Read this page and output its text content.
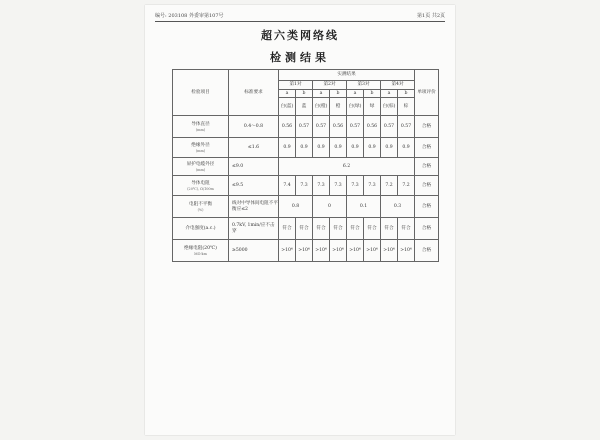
编号: 203108 外委审第107号	第1页 共2页
超六类网络线
检测结果
检验项目	标准要求	实测结果								单项评价
		第1对		第2对		第3对		第4对		
		a	b	a	b	a	b	a	b	
		白(蓝)	蓝	白(橙)	橙	白(绿)	绿	白(棕)	棕	
导体直径
(mm)	0.4～0.8	0.56	0.57	0.57	0.56	0.57	0.56	0.57	0.57	合格
绝缘外径
(mm)	≤1.6	0.9	0.9	0.9	0.9	0.9	0.9	0.9	0.9	合格
屏护电缆外径
(mm)	≤9.0	6.2								合格
导体电阻
(20℃), Ω/100m	≤9.5	7.4	7.3	7.3	7.3	7.3	7.3	7.2	7.2	合格
电阻不平衡
(%)	线对中导体间电阻不平衡应≤2	0.8		0		0.1		0.3		合格
介电强度(a.c.)	0.7kV, 1min/应不击穿	符合	符合	符合	符合	符合	符合	符合	符合	合格
绝缘电阻(20℃)
MΩ·km	≥5000	>10⁴	>10⁴	>10⁴	>10⁴	>10⁴	>10⁴	>10⁴	>10⁴	合格
